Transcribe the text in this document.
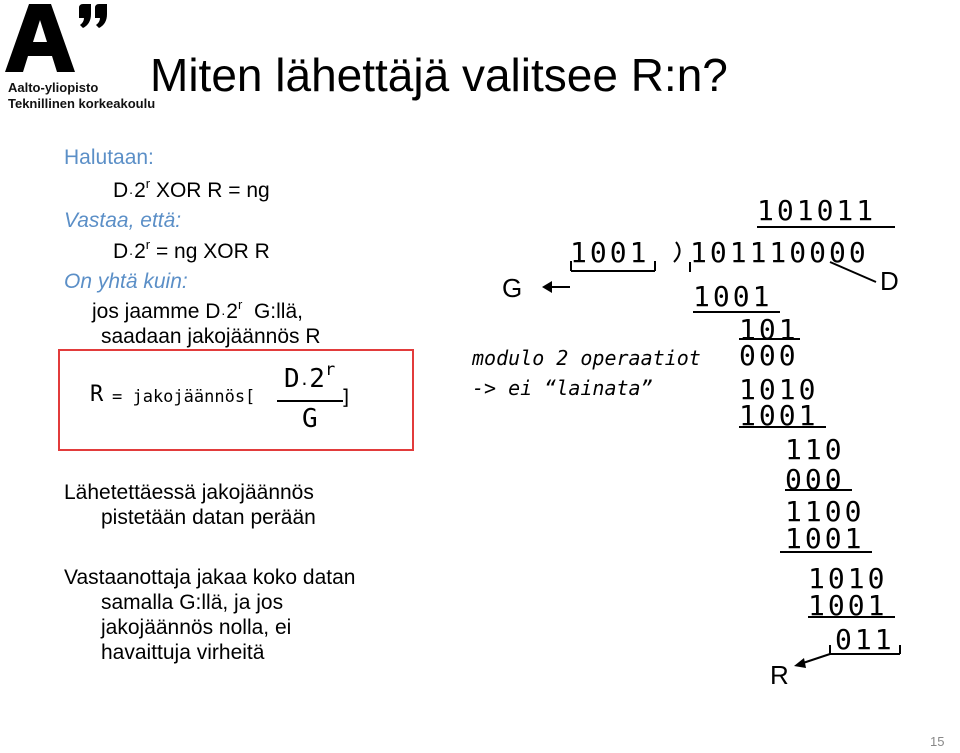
Aalto-yliopisto
Teknillinen korkeakoulu
Miten lähettäjä valitsee R:n?
Halutaan:
D.2$^r$ XOR R = ng
Vastaa, että:
$D.2^r$ = ng XOR R
On yhtä kuin:
jos jaamme D.2$^r$ G:llä,
saadaan jakojäännös R
R = jakojäännös[
D.2$^r$
G
]
Lähetettäessä jakojäännös
pistetään datan perään
Vastaanottaja jakaa koko datan
samalla G:llä, ja jos
jakojäännös nolla, ei
havaittuja virheitä
modulo 2 operaatiot
-> ei “lainata”
G	D
R
101011
1001 101110000
1001
101
000
1010
1001
110
000
1100
1001
1010
1001
011
15
